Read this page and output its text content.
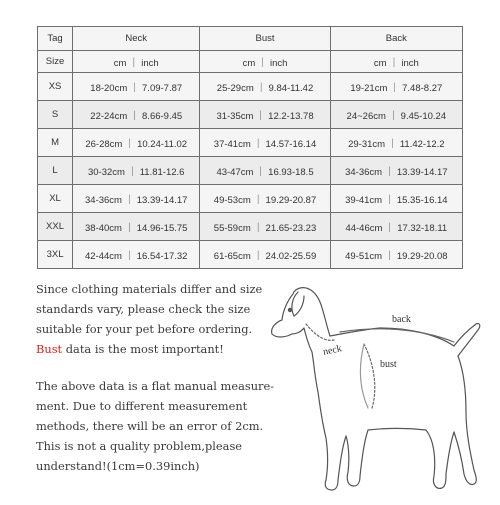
Tag	Neck	Bust	Back
Size	cm ｜ inch	cm ｜ inch	cm ｜ inch
XS	18-20cm ｜ 7.09-7.87	25-29cm ｜ 9.84-11.42	19-21cm ｜ 7.48-8.27
S	22-24cm ｜ 8.66-9.45	31-35cm ｜ 12.2-13.78	24~26cm ｜ 9.45-10.24
M	26-28cm ｜ 10.24-11.02	37-41cm ｜ 14.57-16.14	29-31cm ｜ 11.42-12.2
L	30-32cm ｜ 11.81-12.6	43-47cm ｜ 16.93-18.5	34-36cm ｜ 13.39-14.17
XL	34-36cm ｜ 13.39-14.17	49-53cm ｜ 19.29-20.87	39-41cm ｜ 15.35-16.14
XXL	38-40cm ｜ 14.96-15.75	55-59cm ｜ 21.65-23.23	44-46cm ｜ 17.32-18.11
3XL	42-44cm ｜ 16.54-17.32	61-65cm ｜ 24.02-25.59	49-51cm ｜ 19.29-20.08

Since clothing materials differ and size

standards vary, please check the size

suitable for your pet before ordering.

Bust data is the most important!

The above data is a flat manual measure-

ment. Due to different measurement

methods, there will be an error of 2cm.

This is not a quality problem,please

understand!(1cm=0.39inch)

back
neck
bust
